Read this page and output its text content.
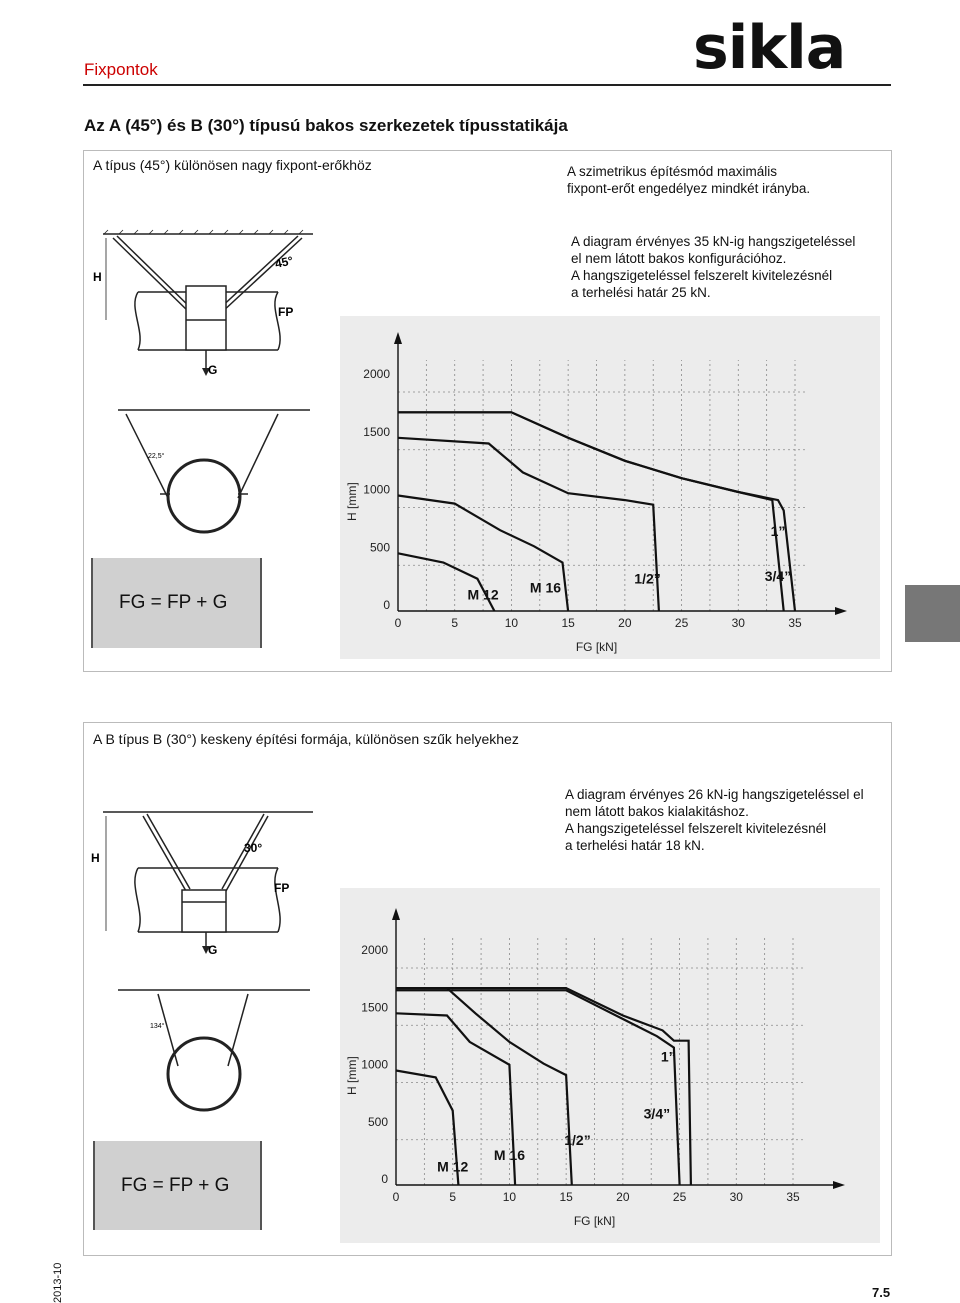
Fixpontok	sikla
Az A (45°) és B (30°) típusú bakos szerkezetek típusstatikája
A típus (45°) különösen nagy fixpont-erőkhöz	A szimetrikus építésmód maximális
fixpont-erőt engedélyez mindkét irányba.
A diagram érvényes 35 kN-ig hangszigeteléssel
el nem látott bakos konfigurációhoz.
A hangszigeteléssel felszerelt kivitelezésnél
a terhelési határ 25 kN.
H
45°
FP
G
22,5°
FG = FP + G
0	5	10	15	20	25	30	35
0
500
1000
1500
2000
FG [kN]
H [mm]
M 12 M 16
1/2”	3/4”
1”
A B típus B (30°) keskeny építési formája, különösen szűk helyekhez
A diagram érvényes 26 kN-ig hangszigeteléssel el
nem látott bakos kialakitáshoz.
A hangszigeteléssel felszerelt kivitelezésnél
a terhelési határ 18 kN.
H
30°
FP
G
134°
FG = FP + G
0	5	10	15	20	25	30	35
0
500
1000
1500
2000
FG [kN]
H [mm]
M 12
M 16
1/2”
3/4”
1”
2013-10	7.5
